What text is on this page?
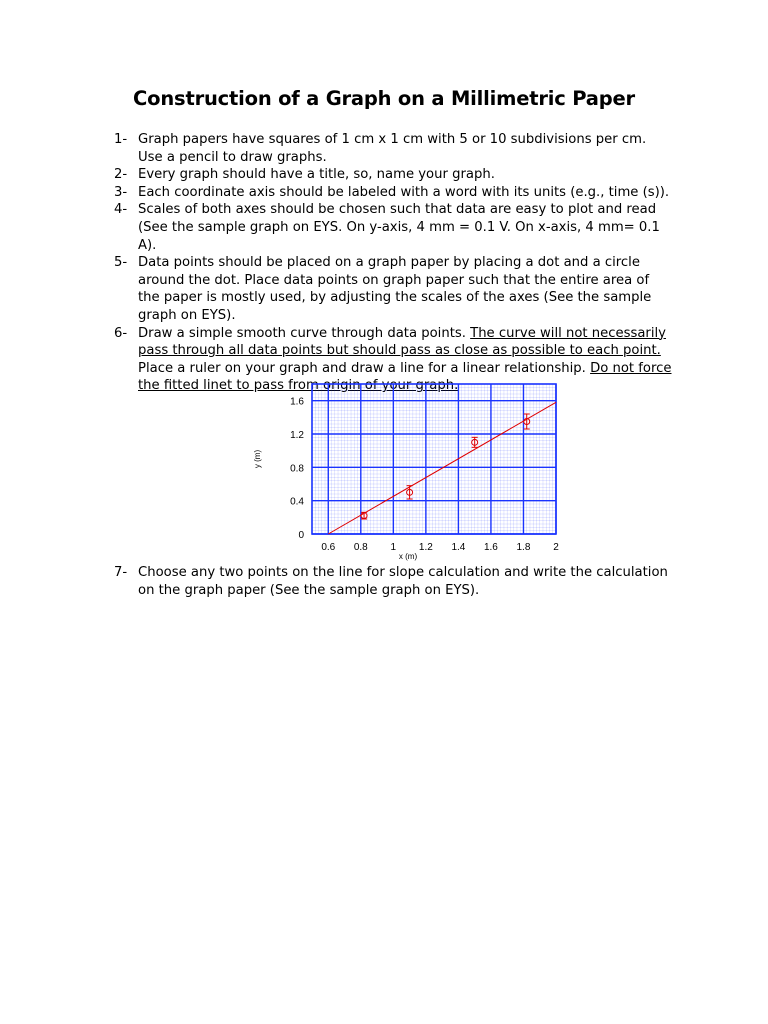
Construction of a Graph on a Millimetric Paper
1- Graph papers have squares of 1 cm x 1 cm with 5 or 10 subdivisions per cm. Use a pencil to draw graphs.
2- Every graph should have a title, so, name your graph.
3- Each coordinate axis should be labeled with a word with its units (e.g., time (s)).
4- Scales of both axes should be chosen such that data are easy to plot and read (See the sample graph on EYS. On y-axis, 4 mm = 0.1 V. On x-axis, 4 mm= 0.1 A).
5- Data points should be placed on a graph paper by placing a dot and a circle around the dot. Place data points on graph paper such that the entire area of the paper is mostly used, by adjusting the scales of the axes (See the sample graph on EYS).
6- Draw a simple smooth curve through data points. The curve will not necessarily pass through all data points but should pass as close as possible to each point. Place a ruler on your graph and draw a line for a linear relationship. Do not force the fitted linet to pass from origin of your graph.
0.6 0.8 1 1.2 1.4 1.6 1.8 2
0
0.4
0.8
1.2
1.6
x (m)
y (m)
7- Choose any two points on the line for slope calculation and write the calculation on the graph paper (See the sample graph on EYS).
